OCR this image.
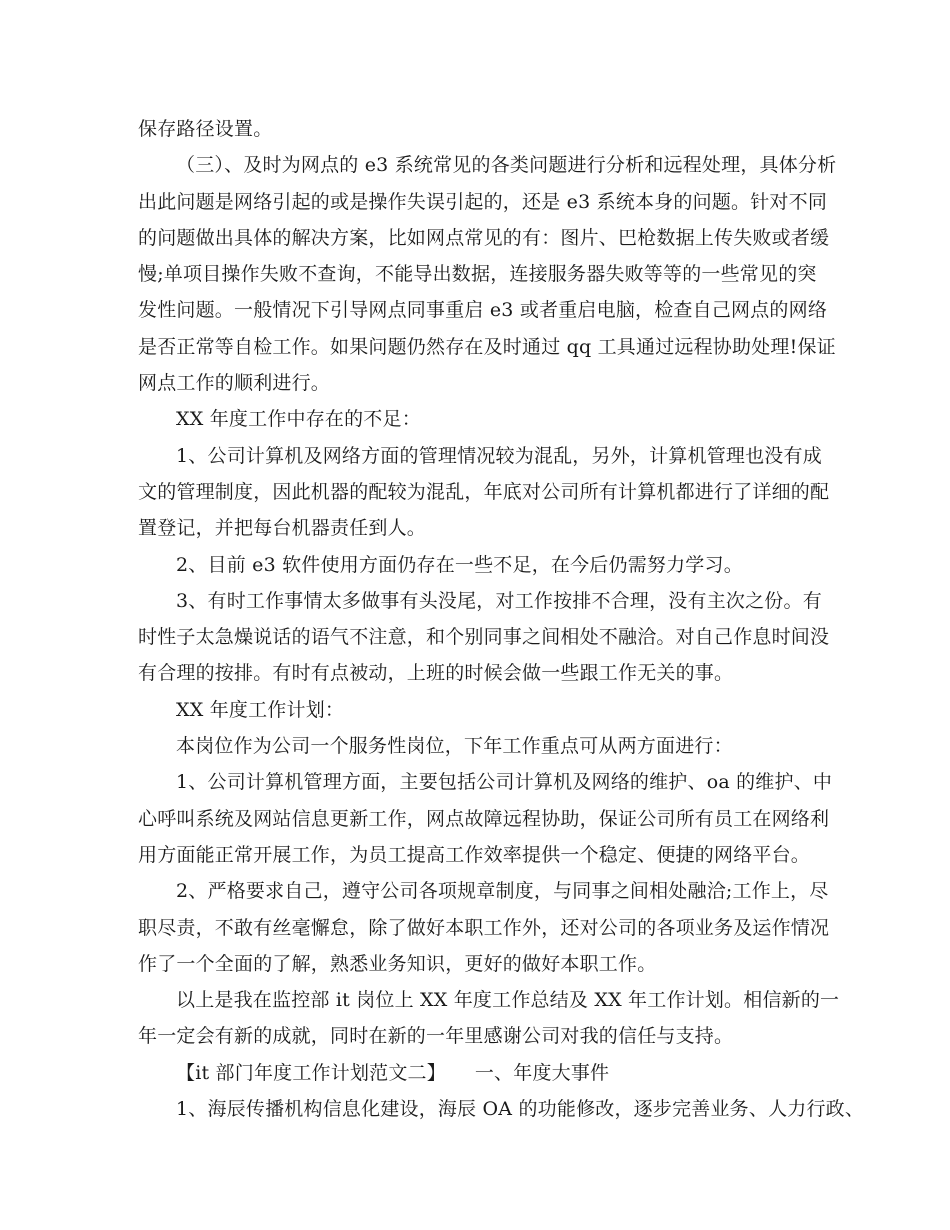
保存路径设置。
（三）、及时为网点的 e3 系统常见的各类问题进行分析和远程处理，具体分析
出此问题是网络引起的或是操作失误引起的，还是 e3 系统本身的问题。针对不同
的问题做出具体的解决方案，比如网点常见的有：图片、巴枪数据上传失败或者缓
慢;单项目操作失败不查询，不能导出数据，连接服务器失败等等的一些常见的突
发性问题。一般情况下引导网点同事重启 e3 或者重启电脑，检查自己网点的网络
是否正常等自检工作。如果问题仍然存在及时通过 qq 工具通过远程协助处理!保证
网点工作的顺利进行。
XX 年度工作中存在的不足：
1、公司计算机及网络方面的管理情况较为混乱，另外，计算机管理也没有成
文的管理制度，因此机器的配较为混乱，年底对公司所有计算机都进行了详细的配
置登记，并把每台机器责任到人。
2、目前 e3 软件使用方面仍存在一些不足，在今后仍需努力学习。
3、有时工作事情太多做事有头没尾，对工作按排不合理，没有主次之份。有
时性子太急燥说话的语气不注意，和个别同事之间相处不融洽。对自己作息时间没
有合理的按排。有时有点被动，上班的时候会做一些跟工作无关的事。
XX 年度工作计划：
本岗位作为公司一个服务性岗位，下年工作重点可从两方面进行：
1、公司计算机管理方面，主要包括公司计算机及网络的维护、oa 的维护、中
心呼叫系统及网站信息更新工作，网点故障远程协助，保证公司所有员工在网络利
用方面能正常开展工作，为员工提高工作效率提供一个稳定、便捷的网络平台。
2、严格要求自己，遵守公司各项规章制度，与同事之间相处融洽;工作上，尽
职尽责，不敢有丝毫懈怠，除了做好本职工作外，还对公司的各项业务及运作情况
作了一个全面的了解，熟悉业务知识，更好的做好本职工作。
以上是我在监控部 it 岗位上 XX 年度工作总结及 XX 年工作计划。相信新的一
年一定会有新的成就，同时在新的一年里感谢公司对我的信任与支持。
【it 部门年度工作计划范文二】　　一、年度大事件
1、海辰传播机构信息化建设，海辰 OA 的功能修改，逐步完善业务、人力行政、
